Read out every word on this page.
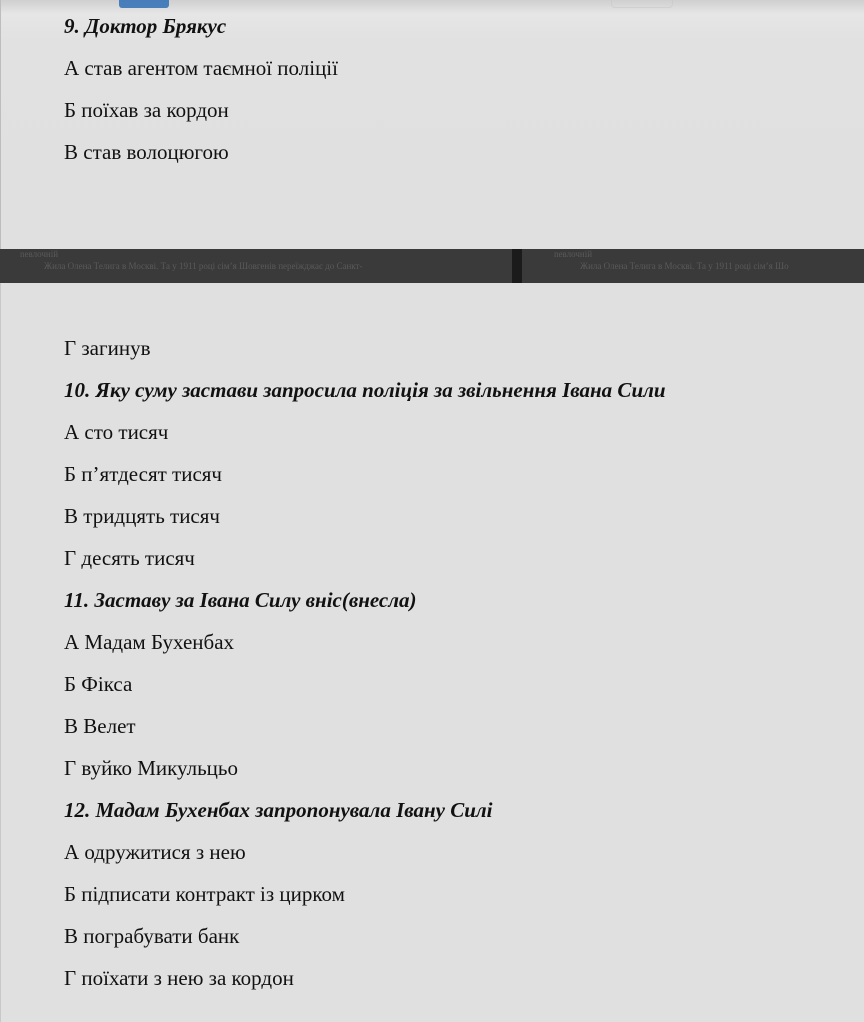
9. Доктор Брякус
А став агентом таємної поліції
Б поїхав за кордон
В став волоцюгою
neвлочній
Жила Олена Телига в Москві. Та у 1911 році сім’я Шовгенів переїжджає до Санкт-
neвлочній
Жила Олена Телига в Москві. Та у 1911 році сім’я Шо
Г загинув
10. Яку суму застави запросила поліція за звільнення Івана Сили
А сто тисяч
Б п’ятдесят тисяч
В тридцять тисяч
Г десять тисяч
11. Заставу за Івана Силу вніс(внесла)
А Мадам Бухенбах
Б Фікса
В Велет
Г вуйко Микульцьо
12. Мадам Бухенбах запропонувала Івану Силі
А одружитися з нею
Б підписати контракт із цирком
В пограбувати банк
Г поїхати з нею за кордон
